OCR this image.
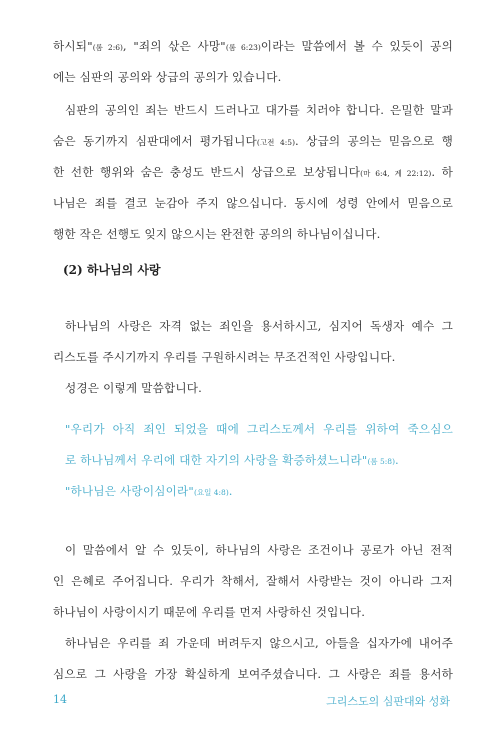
하시되"(롬 2:6), "죄의 삯은 사망"(롬 6:23)이라는 말씀에서 볼 수 있듯이 공의
에는 심판의 공의와 상급의 공의가 있습니다.
심판의 공의인 죄는 반드시 드러나고 대가를 치러야 합니다. 은밀한 말과
숨은 동기까지 심판대에서 평가됩니다(고전 4:5). 상급의 공의는 믿음으로 행
한 선한 행위와 숨은 충성도 반드시 상급으로 보상됩니다(마 6:4, 계 22:12). 하
나님은 죄를 결코 눈감아 주지 않으십니다. 동시에 성령 안에서 믿음으로
행한 작은 선행도 잊지 않으시는 완전한 공의의 하나님이십니다.
(2) 하나님의 사랑
하나님의 사랑은 자격 없는 죄인을 용서하시고, 심지어 독생자 예수 그
리스도를 주시기까지 우리를 구원하시려는 무조건적인 사랑입니다.
성경은 이렇게 말씀합니다.
"우리가 아직 죄인 되었을 때에 그리스도께서 우리를 위하여 죽으심으
로 하나님께서 우리에 대한 자기의 사랑을 확증하셨느니라"(롬 5:8).
"하나님은 사랑이심이라"(요일 4:8).
이 말씀에서 알 수 있듯이, 하나님의 사랑은 조건이나 공로가 아닌 전적
인 은혜로 주어집니다. 우리가 착해서, 잘해서 사랑받는 것이 아니라 그저
하나님이 사랑이시기 때문에 우리를 먼저 사랑하신 것입니다.
하나님은 우리를 죄 가운데 버려두지 않으시고, 아들을 십자가에 내어주
심으로 그 사랑을 가장 확실하게 보여주셨습니다. 그 사랑은 죄를 용서하
14	그리스도의 심판대와 성화
